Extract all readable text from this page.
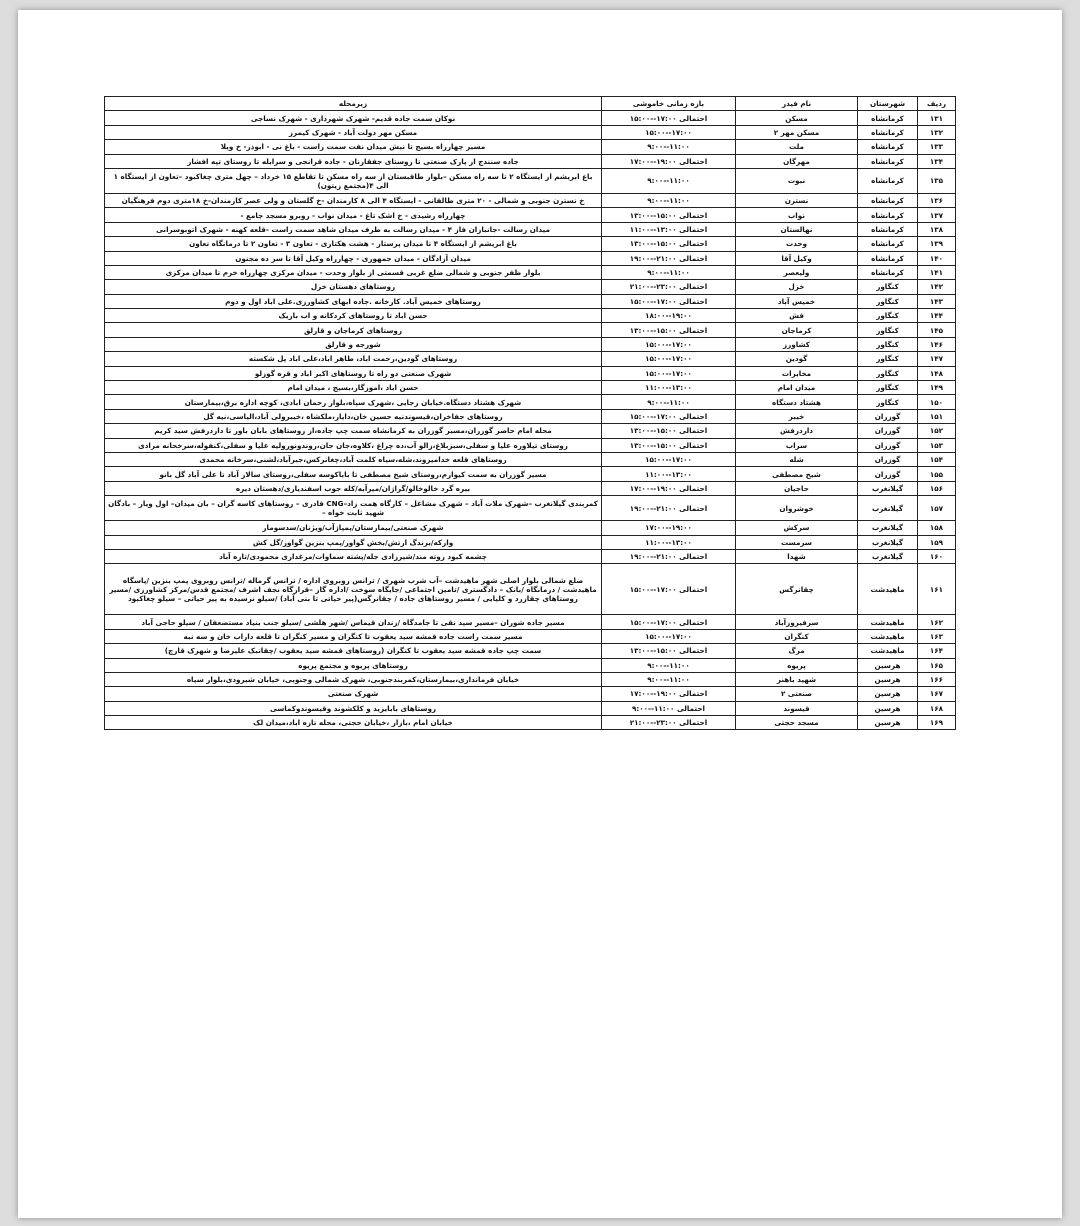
ردیف	شهرستان	نام فیدر	بازه زمانی خاموشی	زیرمحله
۱۳۱	کرمانشاه	مسکن	احتمالی ۱۷:۰۰--۱۵:۰۰	نوکان سمت جاده قدیم- شهرک شهرداری - شهرک نساجی
۱۳۲	کرمانشاه	مسکن مهر ۲	۱۷:۰۰--۱۵:۰۰	مسکن مهر دولت آباد - شهرک کیمرز
۱۳۳	کرمانشاه	ملت	۱۱:۰۰--۹:۰۰	مسیر چهارراه بسیج تا نبش میدان نفت سمت راست - باغ نی - ابوذر- خ ویلا
۱۳۴	کرمانشاه	مهرگان	احتمالی ۱۹:۰۰--۱۷:۰۰	جاده سنندج از پارک صنعتی تا روستای جفقارنان - جاده قرانجی و سرابله تا روستای تپه افشار
۱۳۵	کرمانشاه	نبوت	۱۱:۰۰--۹:۰۰	باغ ابریشم از ایستگاه ۲ تا سه راه مسکن –بلوار طاقبستان از سه راه مسکن تا تقاطع ۱۵ خرداد – چهل متری چغاکبود –تعاون از ایستگاه ۱ الی ۴(مجتمع زیتون)
۱۳۶	کرمانشاه	نسترن	۱۱:۰۰--۹:۰۰	خ نسترن جنوبی و شمالی - ۲۰ متری طالقانی - ایستگاه ۴ الی ۸ کارمندان -خ گلستان و ولی عصر کارمندان-خ ۱۸متری دوم فرهنگیان
۱۳۷	کرمانشاه	نواب	احتمالی ۱۵:۰۰--۱۳:۰۰	چهارراه رشیدی - خ اشک تاغ - میدان نواب - روبرو مسجد جامع -
۱۳۸	کرمانشاه	نهالستان	احتمالی ۱۳:۰۰--۱۱:۰۰	میدان رسالت -جانبازان فاز ۴ - میدان رسالت به طرف میدان شاهد سمت راست -قلعه کهنه - شهرک اتوبوسرانی
۱۳۹	کرمانشاه	وحدت	احتمالی ۱۵:۰۰--۱۳:۰۰	باغ ابریشم از ایستگاه ۴ تا میدان پرستار - هشت هکتاری - تعاون ۳ - تعاون ۲ تا درمانگاه تعاون
۱۴۰	کرمانشاه	وکیل آقا	احتمالی ۲۱:۰۰--۱۹:۰۰	میدان آزادگان - میدان جمهوری - چهارراه وکیل آقا تا سر ده مجنون
۱۴۱	کرمانشاه	ولیعصر	۱۱:۰۰--۹:۰۰	بلوار ظفر جنوبی و شمالی ضلع غربی قسمتی از بلوار وحدت - میدان مرکزی چهارراه خرم تا میدان مرکزی
۱۴۲	کنگاور	خزل	احتمالی ۲۳:۰۰--۲۱:۰۰	روستاهای دهستان خزل
۱۴۳	کنگاور	خمیس آباد	احتمالی ۱۷:۰۰--۱۵:۰۰	روستاهای خمیس آباد. کارخانه .جاده ابهای کشاورزی.علی اباد اول و دوم
۱۴۴	کنگاور	فش	۱۹:۰۰--۱۸:۰۰	حسن اباد تا روستاهای کردکانه و اب باریک
۱۴۵	کنگاور	کرماجان	احتمالی ۱۵:۰۰--۱۳:۰۰	روستاهای کرماجان و قارلق
۱۴۶	کنگاور	کشاورز	۱۷:۰۰--۱۵:۰۰	شورجه و قارلق
۱۴۷	کنگاور	گودین	۱۷:۰۰--۱۵:۰۰	روستاهای گودین،رحمت اباد، طاهر اباد،علی اباد پل شکسته
۱۴۸	کنگاور	مخابرات	۱۷:۰۰--۱۵:۰۰	شهرک صنعتی دو راه تا روستاهای اکبر اباد و قره گوزلو
۱۴۹	کنگاور	میدان امام	۱۳:۰۰--۱۱:۰۰	حسن اباد ،اموزگار،بسیج ، میدان امام
۱۵۰	کنگاور	هشتاد دستگاه	۱۱:۰۰--۹:۰۰	شهرک هشتاد دستگاه.خیابان رجایی ،شهرک سپاه،بلوار رحمان ابادی، کوچه اداره برق،بیمارستان
۱۵۱	گوزران	خیبر	احتمالی ۱۷:۰۰--۱۵:۰۰	روستاهای جفاخران،قیسوندنیه حسین خان،دایار،ملکشاه ،خیبرولی آباد،الیاسی،نیه گل
۱۵۲	گوزران	داردرفش	احتمالی ۱۵:۰۰--۱۳:۰۰	محله امام حاضر گوزران،مسیر گوزران به کرمانشاه سمت چپ جاده،از روستاهای بابان باور تا داردرفش سید کریم
۱۵۳	گوزران	سراب	احتمالی ۱۵:۰۰--۱۳:۰۰	روستای تیلاوره علیا و سفلی،سبزبلاغ،زالو آب،ده چراغ ،کلاوه،جان جان،روندونورولیه علیا و سفلی،کنفوله،سرخحانه مرادی
۱۵۴	گوزران	شله	۱۷:۰۰--۱۵:۰۰	روستاهای قلعه خدامیروند،شله،سیاه کلمت آباد،چغانرکس،جبرآباد،لشنی،سرخانه محمدی
۱۵۵	گوزران	شیخ مصطفی	۱۳:۰۰--۱۱:۰۰	مسیر گوزران به سمت کیوارم،روستای شیخ مصطفی تا باباکوسه سفلی،روستای سالار آباد تا علی آباد گل بانو
۱۵۶	گیلانغرب	حاجیان	احتمالی ۱۹:۰۰--۱۷:۰۰	بیره گرد خالوخالو/گراژان/میرآبه/کله جوب اسفندیاری/دهستان دیره
۱۵۷	گیلانغرب	خوشروان	احتمالی ۲۱:۰۰--۱۹:۰۰	کمربندی گیلانغرب –شهرک ملات آباد – شهرک مشاغل – کارگاه همت زاد–CNG قادری – روستاهای کاسه گران – بان میدان– اول ویار – بادگان شهید ثابت خواه –
۱۵۸	گیلانغرب	سرکش	۱۹:۰۰--۱۷:۰۰	شهرک صنعتی/بیمارستان/پمپاژآب/ویژنان/سدسومار
۱۵۹	گیلانغرب	سرمست	۱۳:۰۰--۱۱:۰۰	وارکه/برندگ ارتش/بخش گواور/پمپ بنزین گواور/گل کش
۱۶۰	گیلانغرب	شهدا	احتمالی ۲۱:۰۰--۱۹:۰۰	چشمه کبود روته مند/شیرزادی جله/پشته سماوات/مرغداری محمودی/تازه آباد
۱۶۱	ماهیدشت	چقانرگس	احتمالی ۱۷:۰۰--۱۵:۰۰	ضلع شمالی بلوار اصلی شهر ماهیدشت –آب شرب شهری / ترانس روبروی اداره / ترانس گرماله /ترانس روبروی پمپ بنزین /پاسگاه ماهیدشت / درمانگاه /بانک – دادگستری /تامین اجتماعی /جایگاه سوخت /اداره گاز –قرارگاه نجف اشرف /مجتمع قدس/مرکز کشاورزی /مسیر روستاهای چقازرد و کلیایی / مسیر روستاهای جاده / چقانرگس(پیر حیاتی تا بنی آباد) /سیلو نرسیده به پیر حیاتی – سیلو چغاکبود
۱۶۲	ماهیدشت	سرفیروزآباد	احتمالی ۱۷:۰۰--۱۵:۰۰	مسیر جاده شوران –مسیر سید نقی تا جامدگاه /زندان قیماس /شهر هلشی /سیلو جنب بنیاد مستضعفان / سیلو حاجی آباد
۱۶۳	ماهیدشت	کنگران	۱۷:۰۰--۱۵:۰۰	مسیر سمت راست جاده قمشه سید یعقوب تا کنگران و مسیر کنگران تا قلعه داراب خان و سه نبه
۱۶۴	ماهیدشت	مرگ	احتمالی ۱۵:۰۰--۱۳:۰۰	سمت چپ جاده قمشه سید یعقوب تا کنگران (روستاهای قمشه سید یعقوب /چقانبک علیرضا و شهرک قارچ)
۱۶۵	هرسین	پریوه	۱۱:۰۰--۹:۰۰	روستاهای پریوه و مجتمع پریوه
۱۶۶	هرسین	شهید باهنر	۱۱:۰۰--۹:۰۰	خیابان فرمانداری،بیمارستان،کمربندجنوبی، شهرک شمالی وجنوبی، خیابان شیرودی،بلوار سپاه
۱۶۷	هرسین	صنعتی ۲	احتمالی ۱۹:۰۰--۱۷:۰۰	شهرک صنعتی
۱۶۸	هرسین	قیسوند	احتمالی ۱۱:۰۰--۹:۰۰	روستاهای بابایزید و کلکشوند وقیسوندوکماسی
۱۶۹	هرسین	مسجد حجتی	احتمالی ۲۳:۰۰--۲۱:۰۰	خیابان امام ،بازار ،خیابان حجتی، محله تازه اباد،میدان لک
